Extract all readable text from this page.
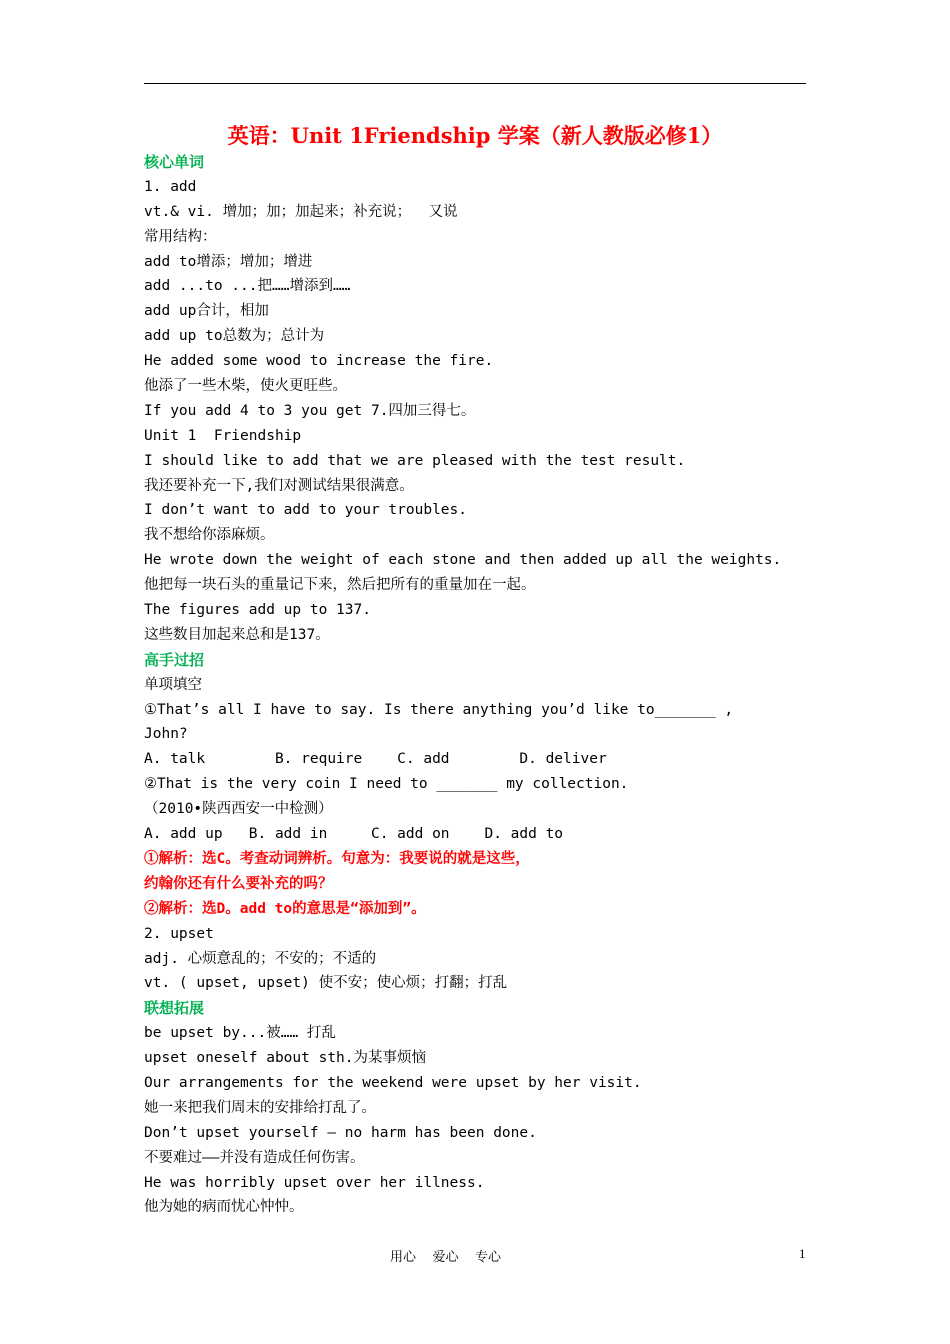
英语：Unit 1Friendship 学案（新人教版必修1）
核心单词
1. add
vt.& vi. 增加；加；加起来；补充说；  又说
常用结构：
add to增添；增加；增进
add ...to ...把……增添到……
add up合计，相加
add up to总数为；总计为
He added some wood to increase the fire.
他添了一些木柴，使火更旺些。
If you add 4 to 3 you get 7.四加三得七。
Unit 1  Friendship
I should like to add that we are pleased with the test result.
我还要补充一下,我们对测试结果很满意。
I don’t want to add to your troubles.
我不想给你添麻烦。
He wrote down the weight of each stone and then added up all the weights.
他把每一块石头的重量记下来，然后把所有的重量加在一起。
The figures add up to 137.
这些数目加起来总和是137。
高手过招
单项填空
①That’s all I have to say. Is there anything you’d like to_______ ,
John?
A. talk        B. require    C. add        D. deliver
②That is the very coin I need to _______ my collection.
（2010•陕西西安一中检测）
A. add up   B. add in     C. add on    D. add to
①解析：选C。考查动词辨析。句意为：我要说的就是这些，
约翰你还有什么要补充的吗？
②解析：选D。add to的意思是“添加到”。
2. upset
adj. 心烦意乱的；不安的；不适的
vt. ( upset, upset) 使不安；使心烦；打翻；打乱
联想拓展
be upset by...被…… 打乱
upset oneself about sth.为某事烦恼
Our arrangements for the weekend were upset by her visit.
她一来把我们周末的安排给打乱了。
Don’t upset yourself — no harm has been done.
不要难过——并没有造成任何伤害。
He was horribly upset over her illness.
他为她的病而忧心忡忡。
用心    爱心    专心	1
